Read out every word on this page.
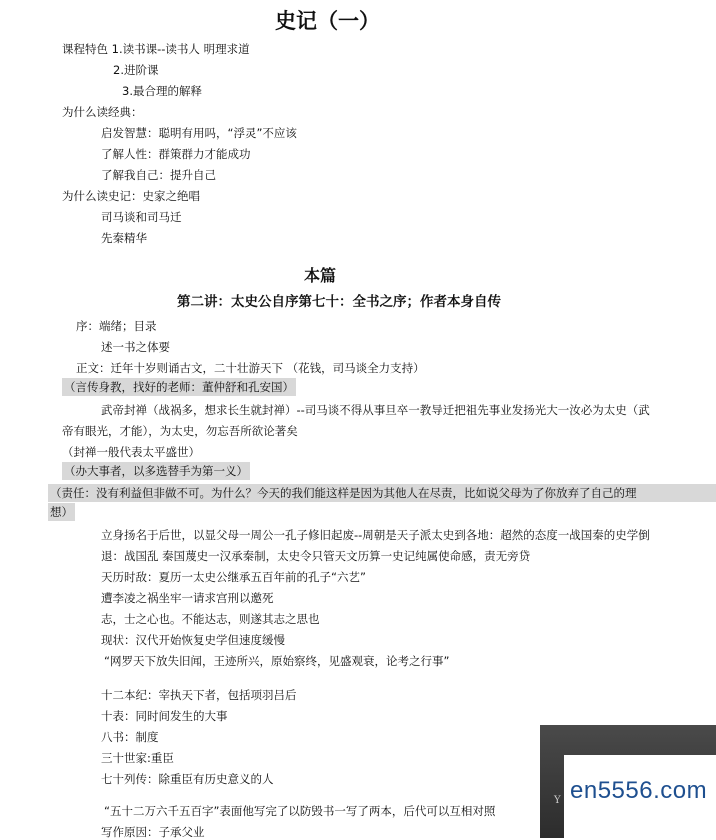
史记（一）
课程特色 1.读书课--读书人 明理求道
2.进阶课
3.最合理的解释
为什么读经典：
启发智慧：聪明有用吗，“浮灵”不应该
了解人性：群策群力才能成功
了解我自己：提升自己
为什么读史记：史家之绝唱
司马谈和司马迁
先秦精华
本篇
第二讲：太史公自序第七十：全书之序；作者本身自传
序：端绪；目录
述一书之体要
正文：迁年十岁则诵古文，二十壮游天下 （花钱，司马谈全力支持）
（言传身教，找好的老师：董仲舒和孔安国）
武帝封禅（战祸多，想求长生就封禅）--司马谈不得从事旦卒一教导迁把祖先事业发扬光大一汝必为太史（武
帝有眼光，才能），为太史，勿忘吾所欲论著矣
（封禅一般代表太平盛世）
（办大事者，以多选替手为第一义）
（责任：没有利益但非做不可。为什么？今天的我们能这样是因为其他人在尽责，比如说父母为了你放弃了自己的理
想）
立身扬名于后世，以显父母一周公一孔子修旧起废--周朝是天子派太史到各地：超然的态度一战国秦的史学倒
退：战国乱 秦国蔑史一汉承秦制，太史令只管天文历算一史记纯属使命感，责无旁贷
天历时敌：夏历一太史公继承五百年前的孔子“六艺”
遭李凌之祸坐牢一请求宫刑以邀死
志，士之心也。不能达志，则遂其志之思也
现状：汉代开始恢复史学但速度缓慢
“网罗天下放失旧闻，王迹所兴，原始察终，见盛观衰，论考之行事”
十二本纪：宰执天下者，包括项羽吕后
十表：同时间发生的大事
八书：制度
三十世家:重臣
七十列传：除重臣有历史意义的人
“五十二万六千五百字”表面他写完了以防毁书一写了两本，后代可以互相对照
写作原因：子承父业
Y en5556.com
